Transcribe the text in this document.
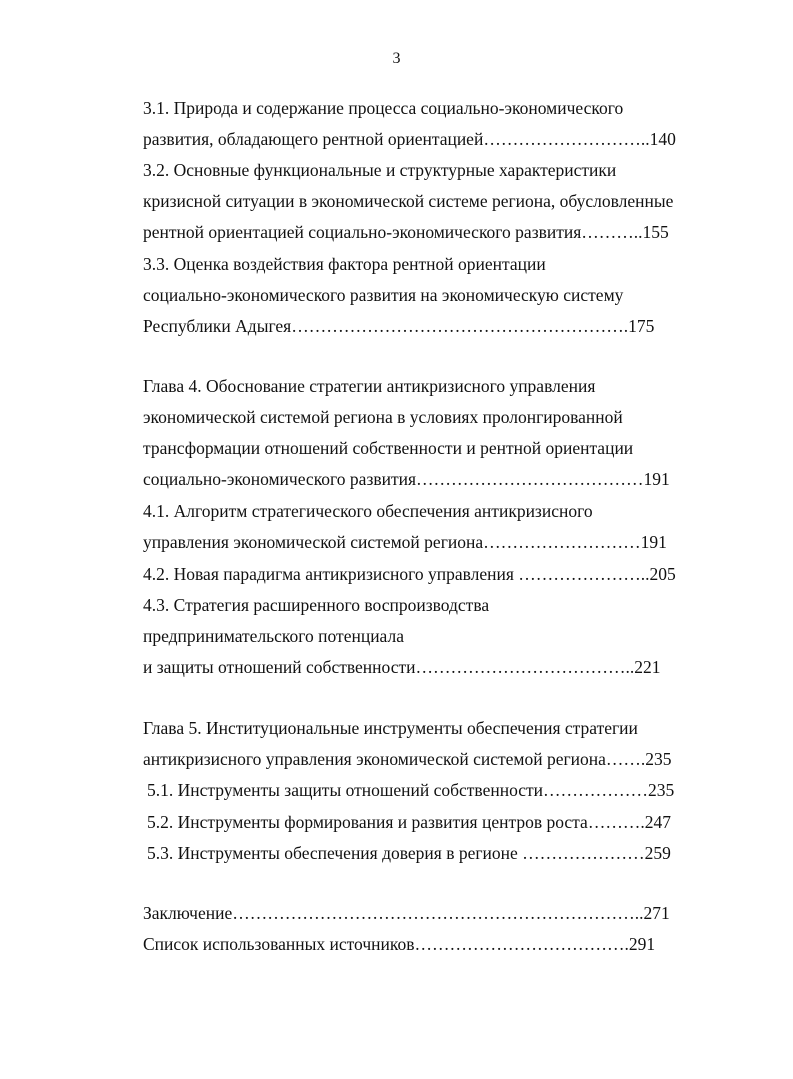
3
3.1. Природа и содержание процесса социально-экономического
развития, обладающего рентной ориентацией………………………..140
3.2. Основные функциональные и структурные характеристики
кризисной ситуации в экономической системе региона, обусловленные
рентной ориентацией социально-экономического развития………..155
3.3. Оценка воздействия фактора рентной ориентации
социально-экономического развития на экономическую систему
Республики Адыгея………………………………………………….175
Глава 4. Обоснование стратегии антикризисного управления
экономической системой региона в условиях пролонгированной
трансформации отношений собственности и рентной ориентации
социально-экономического развития…………………………………191
4.1. Алгоритм стратегического обеспечения антикризисного
управления экономической системой региона………………………191
4.2. Новая парадигма антикризисного управления …………………..205
4.3. Стратегия расширенного воспроизводства
предпринимательского потенциала
и защиты отношений собственности………………………………..221
Глава 5. Институциональные инструменты обеспечения стратегии
антикризисного управления экономической системой региона…….235
5.1. Инструменты защиты отношений собственности………………235
5.2. Инструменты формирования и развития центров роста……….247
5.3. Инструменты обеспечения доверия в регионе …………………259
Заключение……………………………………………………………..271
Список использованных источников……………………………….291
